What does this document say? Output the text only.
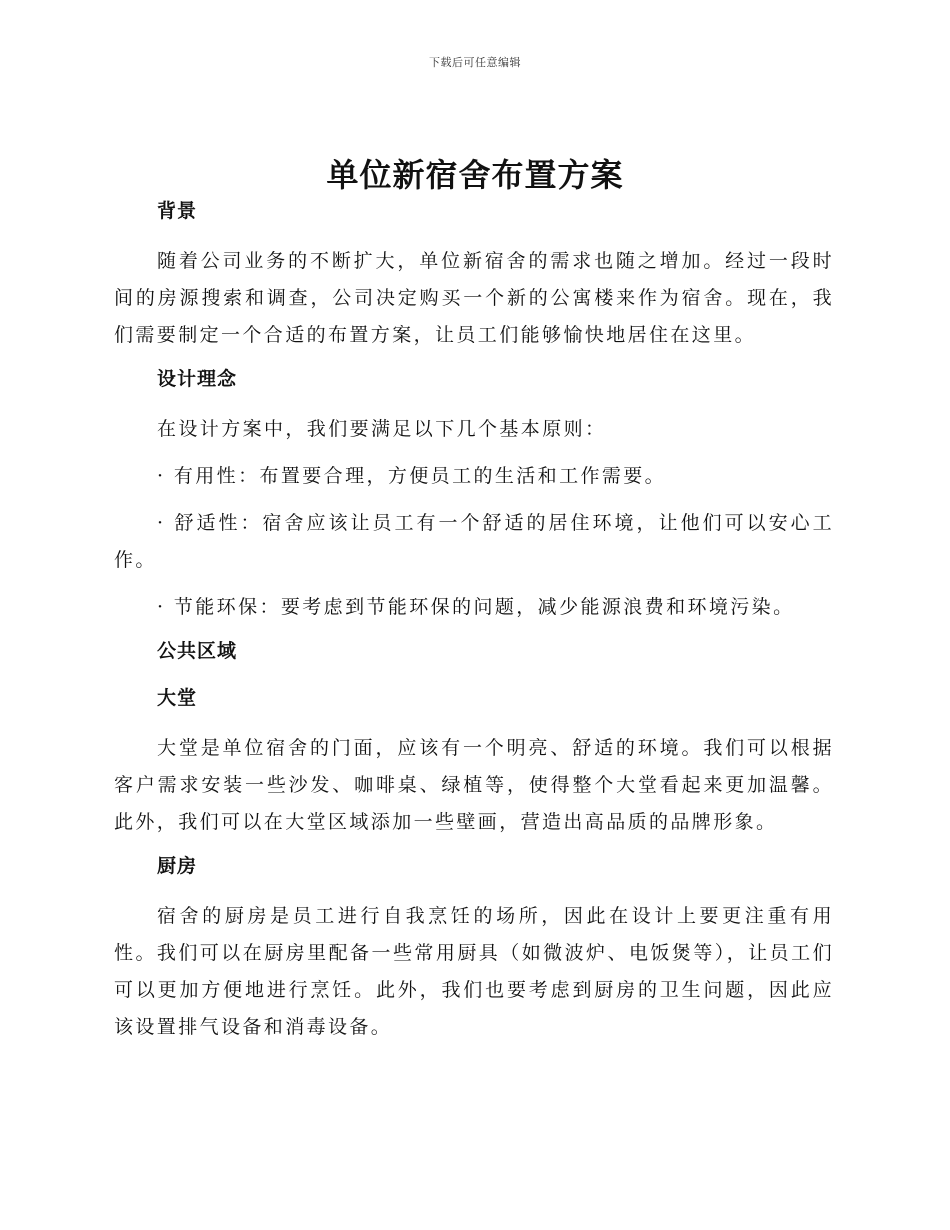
下载后可任意编辑
单位新宿舍布置方案
背景

随着公司业务的不断扩大，单位新宿舍的需求也随之增加。经过一段时间的房源搜索和调查，公司决定购买一个新的公寓楼来作为宿舍。现在，我们需要制定一个合适的布置方案，让员工们能够愉快地居住在这里。

设计理念

在设计方案中，我们要满足以下几个基本原则：

· 有用性：布置要合理，方便员工的生活和工作需要。

· 舒适性：宿舍应该让员工有一个舒适的居住环境，让他们可以安心工作。

· 节能环保：要考虑到节能环保的问题，减少能源浪费和环境污染。

公共区域
大堂

大堂是单位宿舍的门面，应该有一个明亮、舒适的环境。我们可以根据客户需求安装一些沙发、咖啡桌、绿植等，使得整个大堂看起来更加温馨。此外，我们可以在大堂区域添加一些壁画，营造出高品质的品牌形象。

厨房

宿舍的厨房是员工进行自我烹饪的场所，因此在设计上要更注重有用性。我们可以在厨房里配备一些常用厨具（如微波炉、电饭煲等），让员工们可以更加方便地进行烹饪。此外，我们也要考虑到厨房的卫生问题，因此应该设置排气设备和消毒设备。
